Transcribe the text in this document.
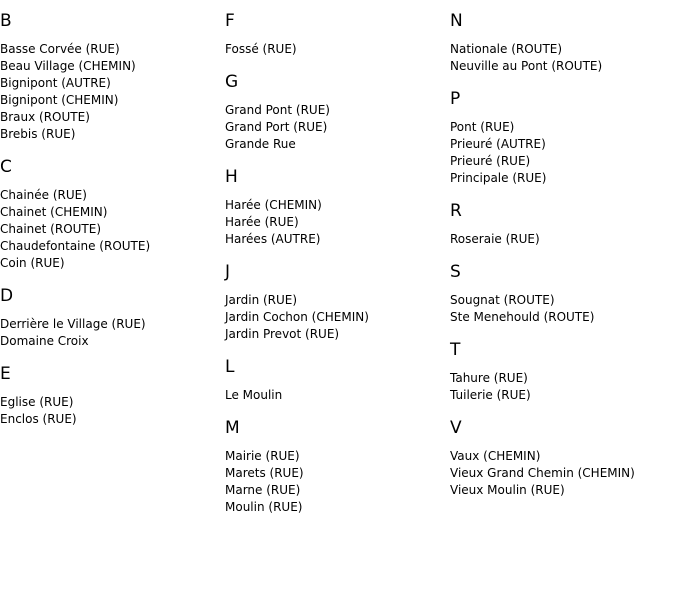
B
Basse Corvée (RUE)
Beau Village (CHEMIN)
Bignipont (AUTRE)
Bignipont (CHEMIN)
Braux (ROUTE)
Brebis (RUE)
C
Chainée (RUE)
Chainet (CHEMIN)
Chainet (ROUTE)
Chaudefontaine (ROUTE)
Coin (RUE)
D
Derrière le Village (RUE)
Domaine Croix
E
Eglise (RUE)
Enclos (RUE)
F
Fossé (RUE)
G
Grand Pont (RUE)
Grand Port (RUE)
Grande Rue
H
Harée (CHEMIN)
Harée (RUE)
Harées (AUTRE)
J
Jardin (RUE)
Jardin Cochon (CHEMIN)
Jardin Prevot (RUE)
L
Le Moulin
M
Mairie (RUE)
Marets (RUE)
Marne (RUE)
Moulin (RUE)
N
Nationale (ROUTE)
Neuville au Pont (ROUTE)
P
Pont (RUE)
Prieuré (AUTRE)
Prieuré (RUE)
Principale (RUE)
R
Roseraie (RUE)
S
Sougnat (ROUTE)
Ste Menehould (ROUTE)
T
Tahure (RUE)
Tuilerie (RUE)
V
Vaux (CHEMIN)
Vieux Grand Chemin (CHEMIN)
Vieux Moulin (RUE)
